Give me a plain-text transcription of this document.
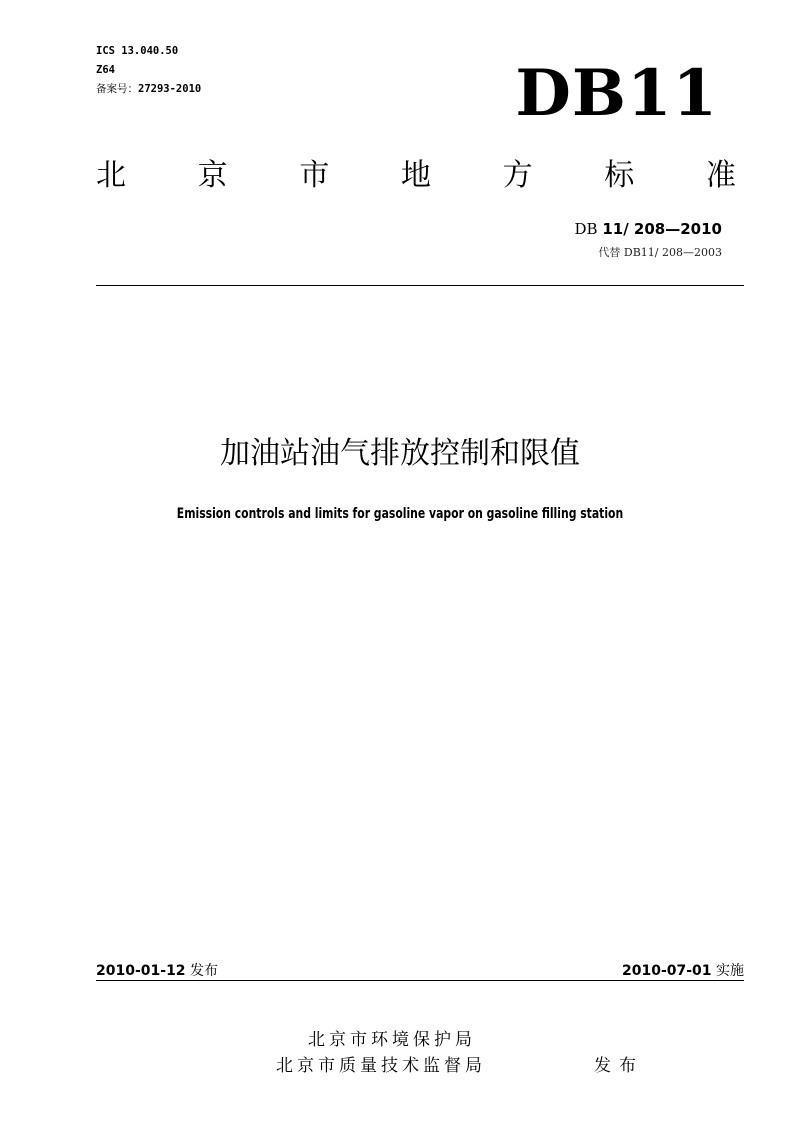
ICS 13.040.50
Z64
备案号：27293-2010	DB11
北 京 市 地 方 标 准
DB 11/ 208—2010
代替 DB11/ 208—2003
加油站油气排放控制和限值
Emission controls and limits for gasoline vapor on gasoline filling station
2010-01-12 发布	2010-07-01 实施
北京市环境保护局
北京市质量技术监督局	发布
